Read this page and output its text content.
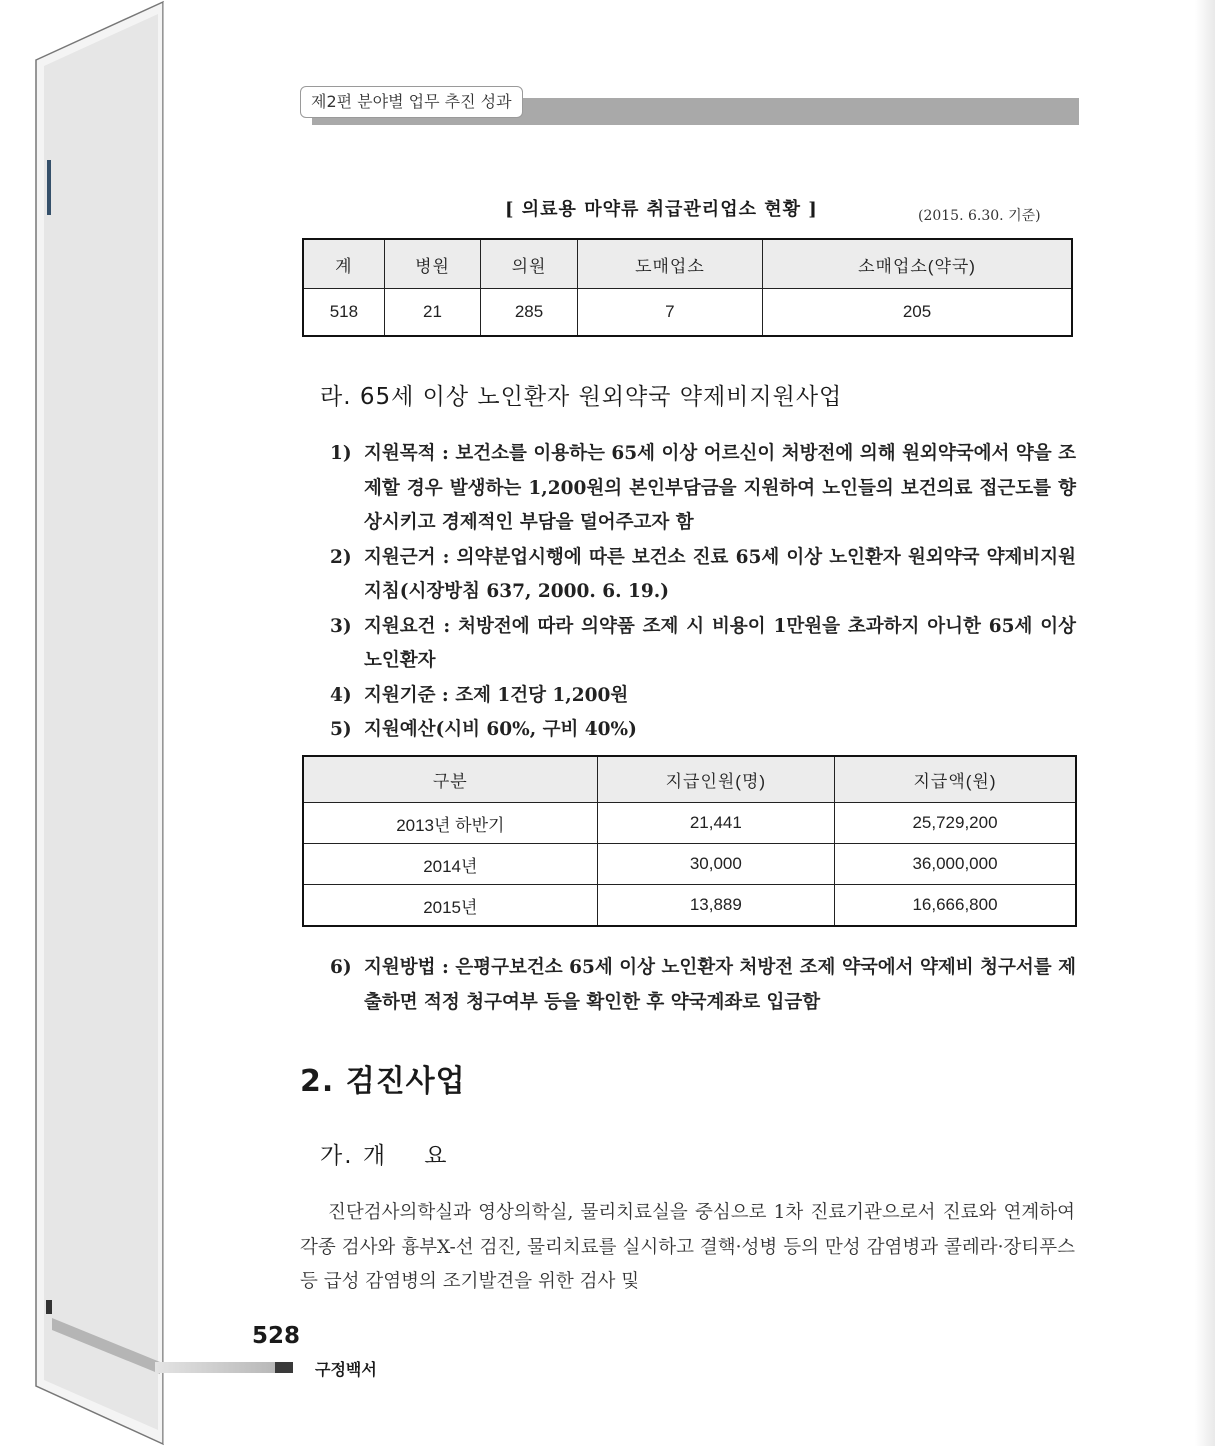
제2편 분야별 업무 추진 성과
[ 의료용 마약류 취급관리업소 현황 ]	(2015. 6.30. 기준)
계	병원	의원	도매업소	소매업소(약국)
518	21	285	7	205
라. 65세 이상 노인환자 원외약국 약제비지원사업
1) 지원목적 : 보건소를 이용하는 65세 이상 어르신이 처방전에 의해 원외약국에서 약을 조제할 경우 발생하는 1,200원의 본인부담금을 지원하여 노인들의 보건의료 접근도를 향상시키고 경제적인 부담을 덜어주고자 함
2) 지원근거 : 의약분업시행에 따른 보건소 진료 65세 이상 노인환자 원외약국 약제비지원지침(시장방침 637, 2000. 6. 19.)
3) 지원요건 : 처방전에 따라 의약품 조제 시 비용이 1만원을 초과하지 아니한 65세 이상 노인환자
4) 지원기준 : 조제 1건당 1,200원
5) 지원예산(시비 60%, 구비 40%)
구분	지급인원(명)	지급액(원)
2013년 하반기	21,441	25,729,200
2014년	30,000	36,000,000
2015년	13,889	16,666,800
6) 지원방법 : 은평구보건소 65세 이상 노인환자 처방전 조제 약국에서 약제비 청구서를 제출하면 적정 청구여부 등을 확인한 후 약국계좌로 입금함
2. 검진사업
가. 개    요
진단검사의학실과 영상의학실, 물리치료실을 중심으로 1차 진료기관으로서 진료와 연계하여 각종 검사와 흉부X-선 검진, 물리치료를 실시하고 결핵·성병 등의 만성 감염병과 콜레라·장티푸스 등 급성 감염병의 조기발견을 위한 검사 및
528
구정백서
